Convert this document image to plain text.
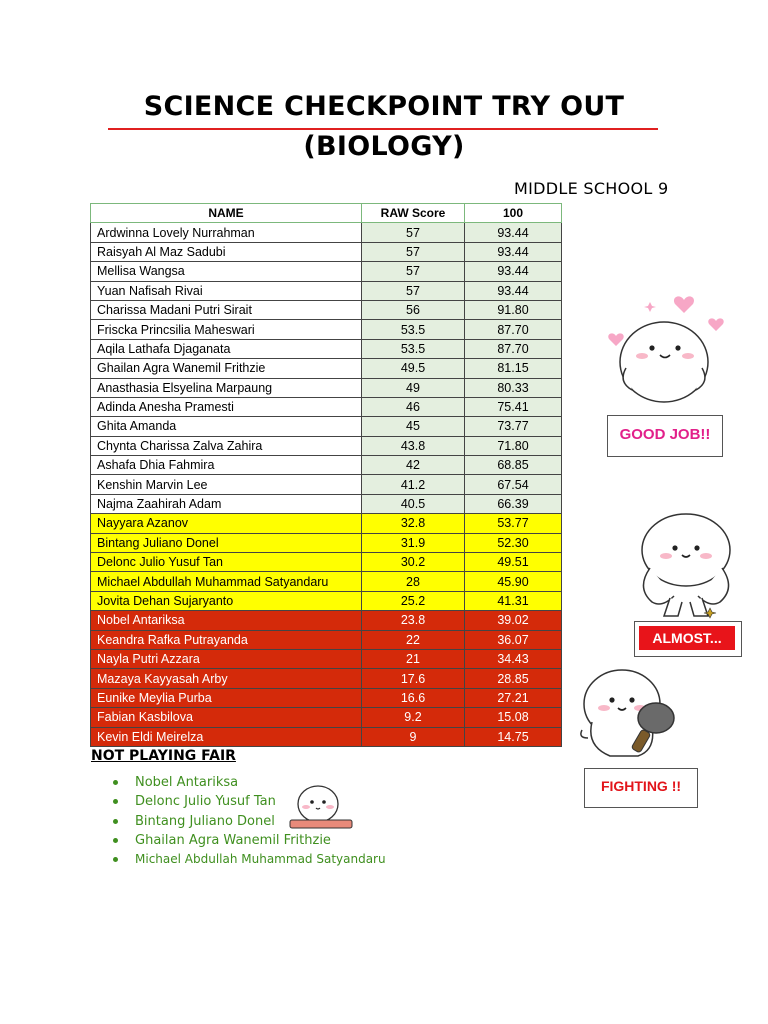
SCIENCE CHECKPOINT TRY OUT
(BIOLOGY)
MIDDLE SCHOOL 9
NAME	RAW Score	100
Ardwinna Lovely Nurrahman	57	93.44
Raisyah Al Maz Sadubi	57	93.44
Mellisa Wangsa	57	93.44
Yuan Nafisah Rivai	57	93.44
Charissa Madani Putri Sirait	56	91.80
Friscka Princsilia Maheswari	53.5	87.70
Aqila Lathafa Djaganata	53.5	87.70
Ghailan Agra Wanemil Frithzie	49.5	81.15
Anasthasia Elsyelina Marpaung	49	80.33
Adinda Anesha Pramesti	46	75.41
Ghita Amanda	45	73.77
Chynta Charissa Zalva Zahira	43.8	71.80
Ashafa Dhia Fahmira	42	68.85
Kenshin Marvin Lee	41.2	67.54
Najma Zaahirah Adam	40.5	66.39
Nayyara Azanov	32.8	53.77
Bintang Juliano Donel	31.9	52.30
Delonc Julio Yusuf Tan	30.2	49.51
Michael Abdullah Muhammad Satyandaru	28	45.90
Jovita Dehan Sujaryanto	25.2	41.31
Nobel Antariksa	23.8	39.02
Keandra Rafka Putrayanda	22	36.07
Nayla Putri Azzara	21	34.43
Mazaya Kayyasah Arby	17.6	28.85
Eunike Meylia Purba	16.6	27.21
Fabian Kasbilova	9.2	15.08
Kevin Eldi Meirelza	9	14.75
NOT PLAYING FAIR
Nobel Antariksa
Delonc Julio Yusuf Tan
Bintang Juliano Donel
Ghailan Agra Wanemil Frithzie
Michael Abdullah Muhammad Satyandaru
GOOD JOB!!
ALMOST...
FIGHTING !!
